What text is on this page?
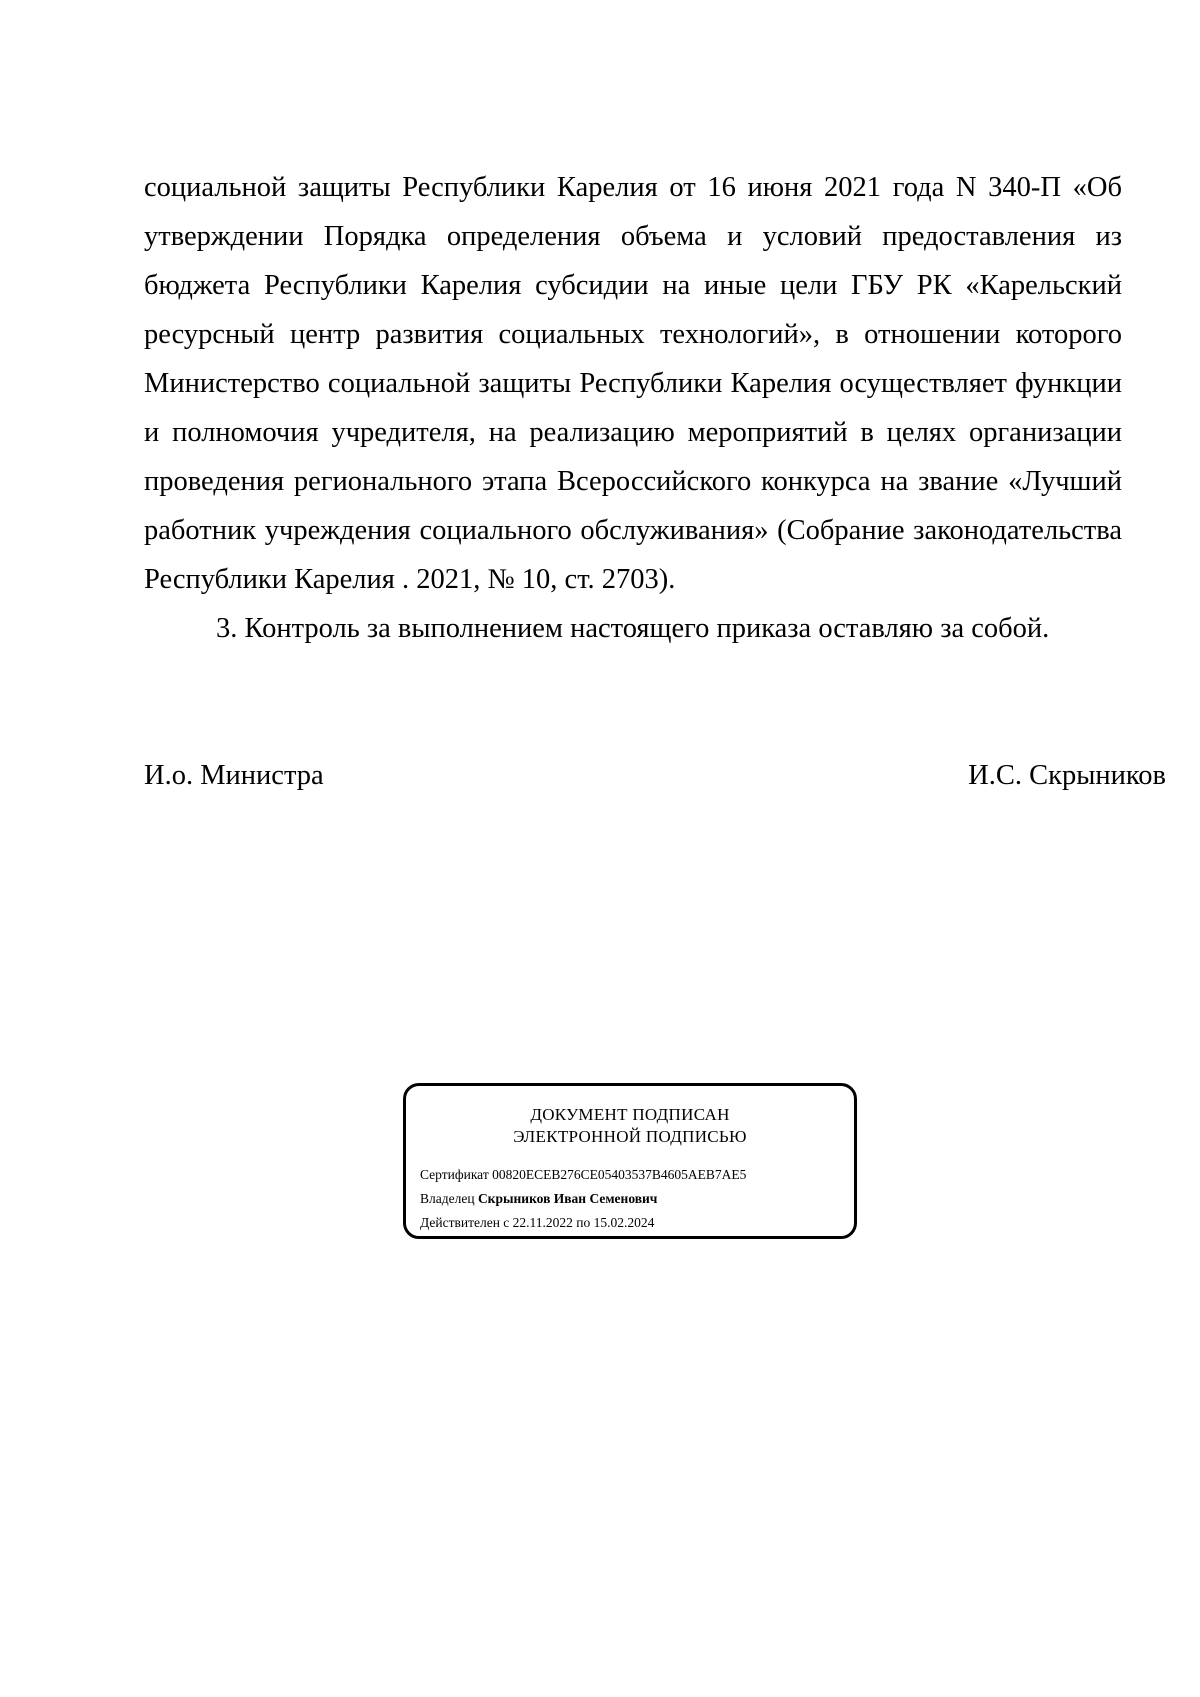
социальной защиты Республики Карелия от 16 июня 2021 года N 340-П «Об
утверждении Порядка определения объема и условий предоставления из
бюджета Республики Карелия субсидии на иные цели ГБУ РК «Карельский
ресурсный центр развития социальных технологий», в отношении которого
Министерство социальной защиты Республики Карелия осуществляет функции
и полномочия учредителя, на реализацию мероприятий в целях организации
проведения регионального этапа Всероссийского конкурса на звание «Лучший
работник учреждения социального обслуживания» (Собрание законодательства
Республики Карелия . 2021, № 10, ст. 2703).
3. Контроль за выполнением настоящего приказа оставляю за собой.
И.о. Министра	И.С. Скрыников
ДОКУМЕНТ ПОДПИСАН
ЭЛЕКТРОННОЙ ПОДПИСЬЮ
Сертификат 00820ECEB276CE05403537B4605AEB7AE5
Владелец Скрыников Иван Семенович
Действителен с 22.11.2022 по 15.02.2024
